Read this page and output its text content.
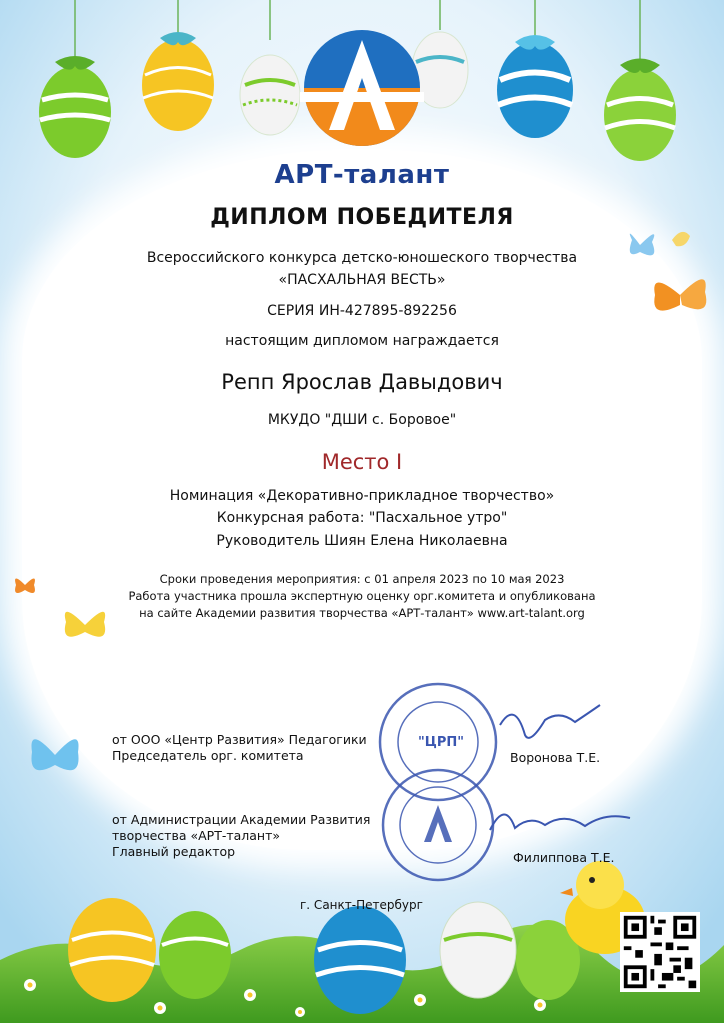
АРТ-талант
ДИПЛОМ ПОБЕДИТЕЛЯ
Всероссийского конкурса детско-юношеского творчества
«ПАСХАЛЬНАЯ ВЕСТЬ»
СЕРИЯ ИН-427895-892256
настоящим дипломом награждается
Репп Ярослав Давыдович
МКУДО "ДШИ с. Боровое"
Место I
Номинация «Декоративно-прикладное творчество»
Конкурсная работа: "Пасхальное утро"
Руководитель Шиян Елена Николаевна
Сроки проведения мероприятия: с 01 апреля 2023 по 10 мая 2023
Работа участника прошла экспертную оценку орг.комитета и опубликована
на сайте Академии развития творчества «АРТ-талант» www.art-talant.org
"ЦРП"
от ООО «Центр Развития» Педагогики
Председатель орг. комитета	Воронова Т.Е.
от Администрации Академии Развития
творчества «АРТ-талант»
Главный редактор	Филиппова Т.Е.
г. Санкт-Петербург
